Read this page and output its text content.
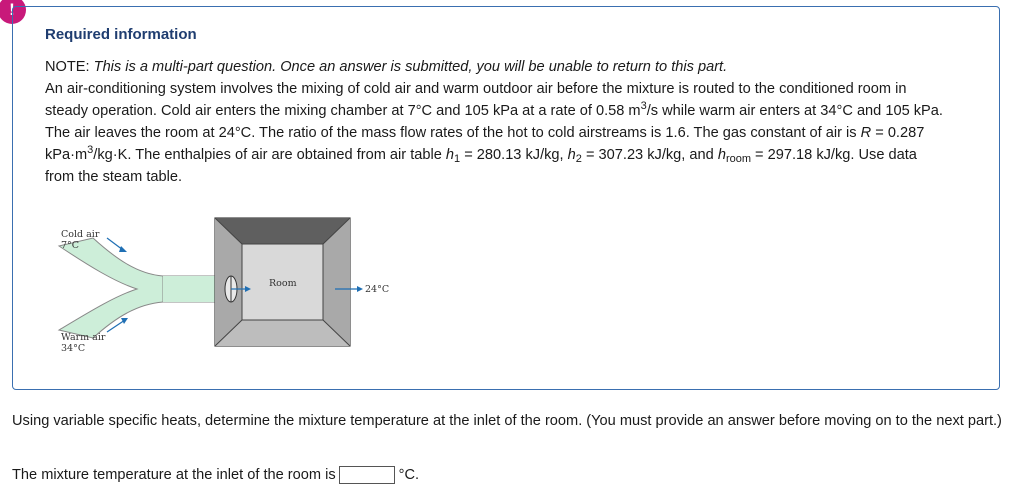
!
Required information

NOTE: This is a multi-part question. Once an answer is submitted, you will be unable to return to this part.

An air-conditioning system involves the mixing of cold air and warm outdoor air before the mixture is routed to the conditioned room in steady operation. Cold air enters the mixing chamber at 7°C and 105 kPa at a rate of 0.58 $m^3/s$ while warm air enters at 34°C and 105 kPa. The air leaves the room at 24°C. The ratio of the mass flow rates of the hot to cold airstreams is 1.6. The gas constant of air is R = 0.287 $kPa\cdot m^3/kg\cdot K$. The enthalpies of air are obtained from air table $h_1 = 280.13$ kJ/kg, $h_2 = 307.23$ kJ/kg, and $h_{room} = 297.18$ kJ/kg. Use data from the steam table.

Cold air
7°C
Warm air
34°C
Room
24°C
Using variable specific heats, determine the mixture temperature at the inlet of the room. (You must provide an answer before moving on to the next part.)
The mixture temperature at the inlet of the room is	°C.
